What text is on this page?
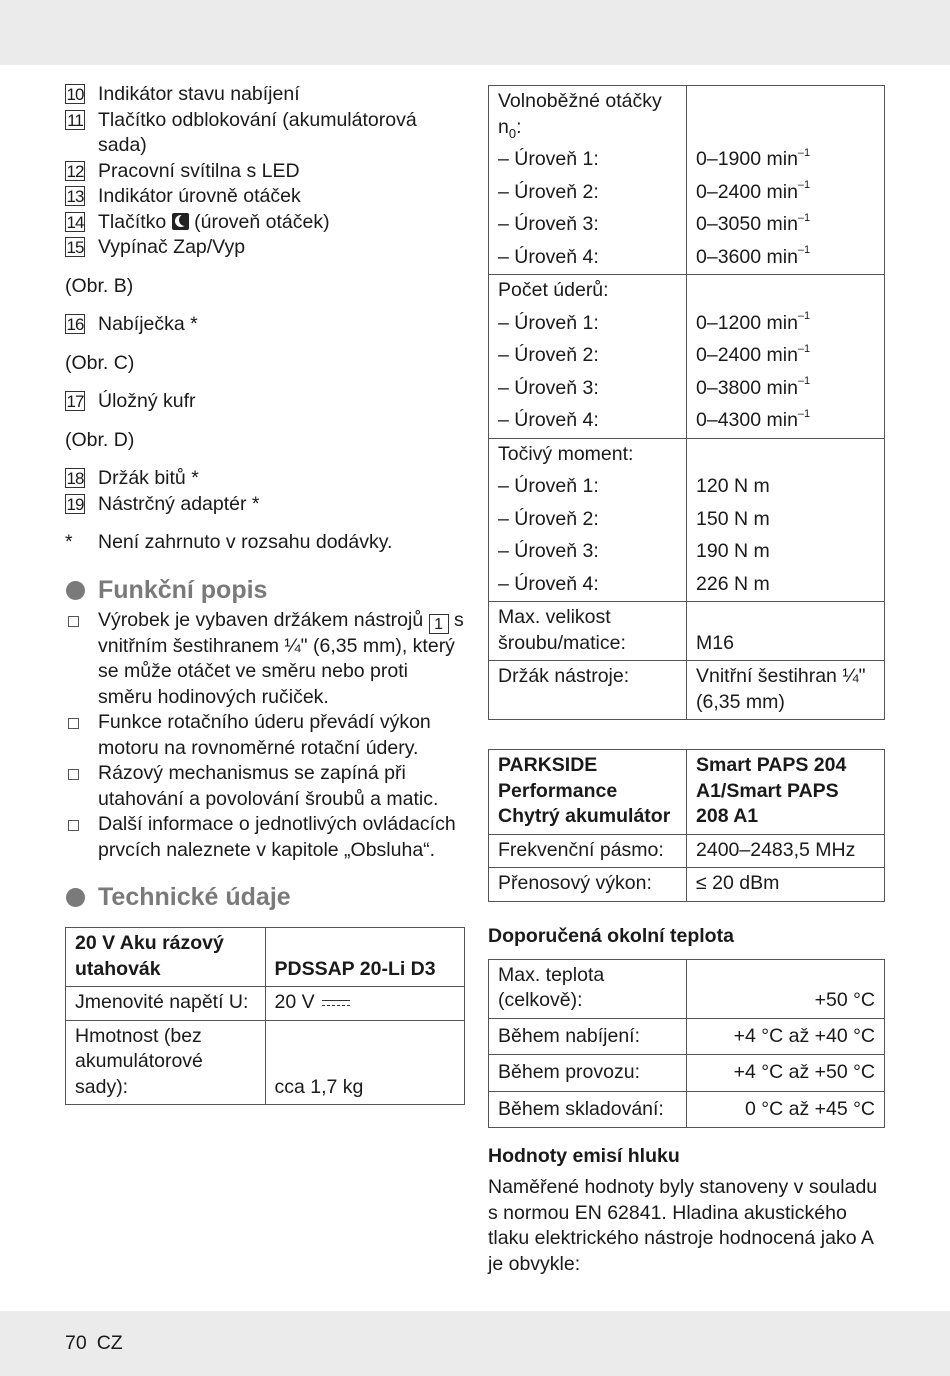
10 Indikátor stavu nabíjení
11 Tlačítko odblokování (akumulátorová sada)
12 Pracovní svítilna s LED
13 Indikátor úrovně otáček
14 Tlačítko (úroveň otáček)
15 Vypínač Zap/Vyp
(Obr. B)
16 Nabíječka *
(Obr. C)
17 Úložný kufr
(Obr. D)
18 Držák bitů *
19 Nástrčný adaptér *
* Není zahrnuto v rozsahu dodávky.
Funkční popis
Výrobek je vybaven držákem nástrojů 1 s vnitřním šestihranem ¼" (6,35 mm), který se může otáčet ve směru nebo proti směru hodinových ručiček.
Funkce rotačního úderu převádí výkon motoru na rovnoměrné rotační údery.
Rázový mechanismus se zapíná při utahování a povolování šroubů a matic.
Další informace o jednotlivých ovládacích prvcích naleznete v kapitole „Obsluha“.
Technické údaje
20 V Aku rázový utahovák	PDSSAP 20-Li D3
Jmenovité napětí U:	20 V
Hmotnost (bez akumulátorové sady):	cca 1,7 kg
Volnoběžné otáčky $n_0$:	
– Úroveň 1:	0–1900 $\min^{-1}$
– Úroveň 2:	0–2400 $\min^{-1}$
– Úroveň 3:	0–3050 $\min^{-1}$
– Úroveň 4:	0–3600 $\min^{-1}$
Počet úderů:	
– Úroveň 1:	0–1200 $\min^{-1}$
– Úroveň 2:	0–2400 $\min^{-1}$
– Úroveň 3:	0–3800 $\min^{-1}$
– Úroveň 4:	0–4300 $\min^{-1}$
Točivý moment:	
– Úroveň 1:	120 N m
– Úroveň 2:	150 N m
– Úroveň 3:	190 N m
– Úroveň 4:	226 N m
Max. velikost šroubu/matice:	M16
Držák nástroje:	Vnitřní šestihran ¼" (6,35 mm)
PARKSIDE Performance Chytrý akumulátor	Smart PAPS 204 A1/Smart PAPS 208 A1
Frekvenční pásmo:	2400–2483,5 MHz
Přenosový výkon:	≤ 20 dBm
Doporučená okolní teplota
Max. teplota (celkově):	+50 °C
Během nabíjení:	+4 °C až +40 °C
Během provozu:	+4 °C až +50 °C
Během skladování:	0 °C až +45 °C
Hodnoty emisí hluku
Naměřené hodnoty byly stanoveny v souladu s normou EN 62841. Hladina akustického tlaku elektrického nástroje hodnocená jako A je obvykle:
70 CZ
